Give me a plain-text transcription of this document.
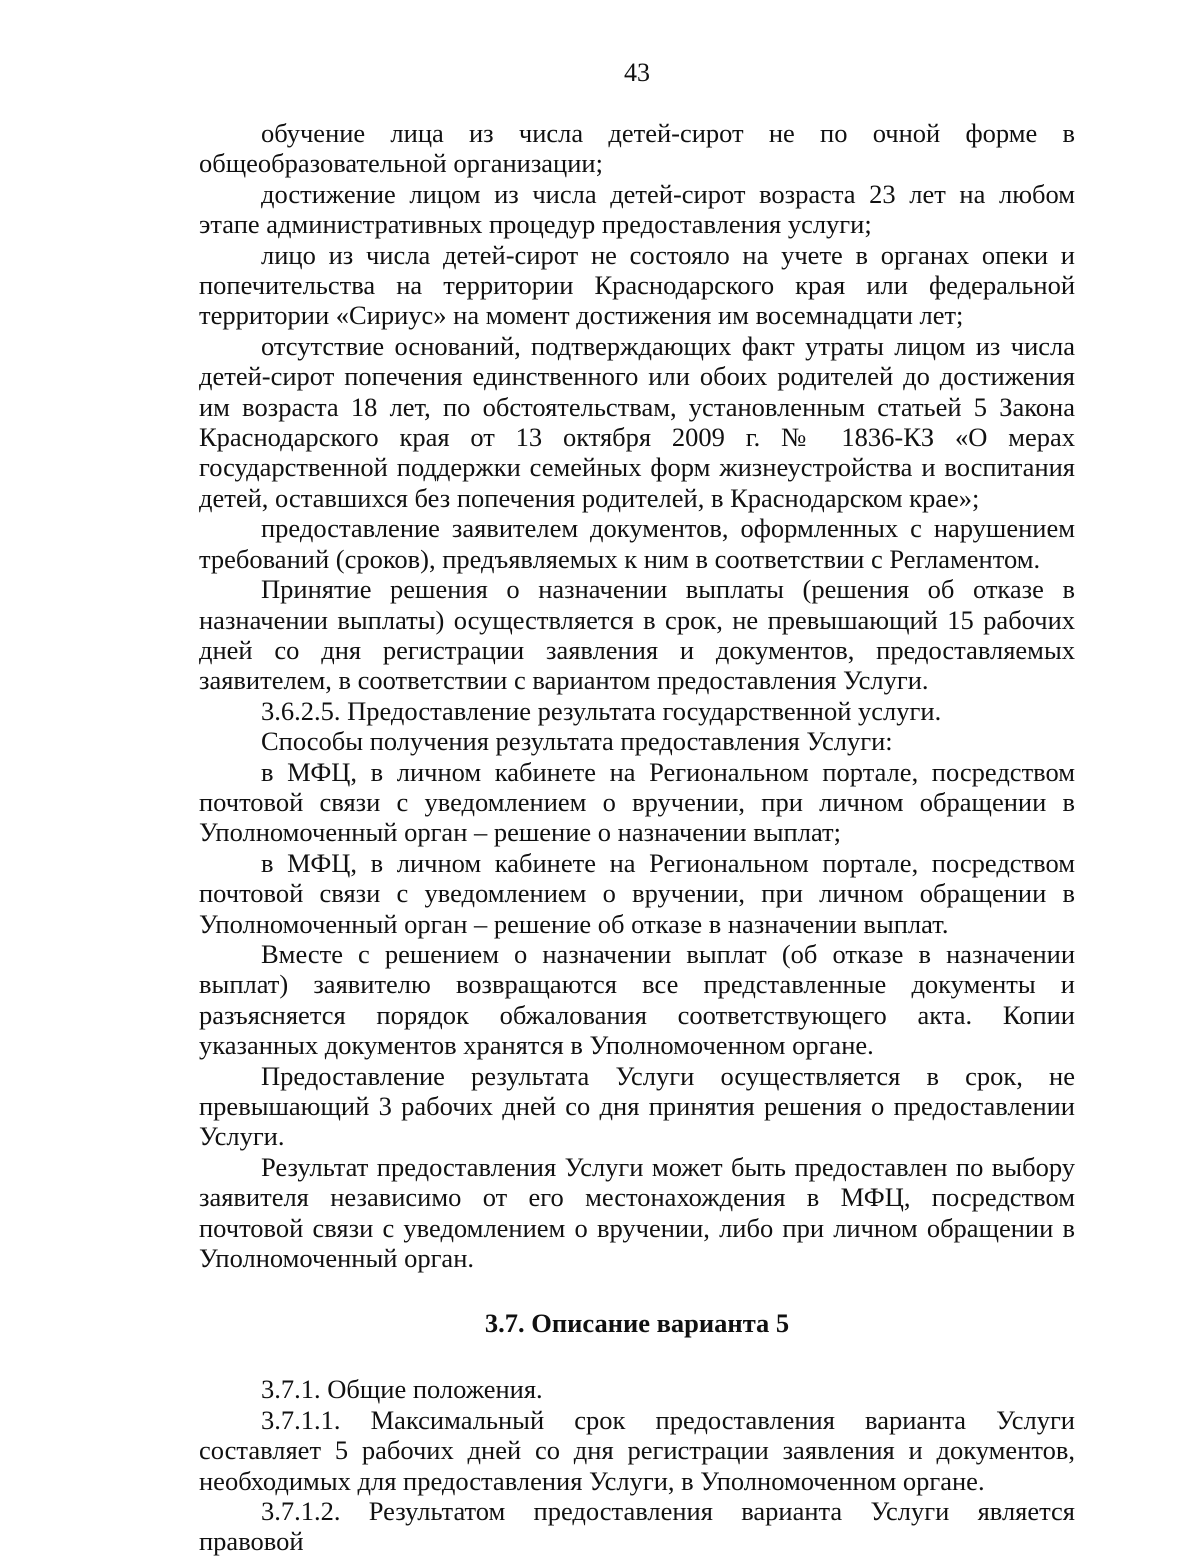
43

обучение лица из числа детей-сирот не по очной форме в общеобразовательной организации;

достижение лицом из числа детей-сирот возраста 23 лет на любом этапе административных процедур предоставления услуги;

лицо из числа детей-сирот не состояло на учете в органах опеки и попечительства на территории Краснодарского края или федеральной территории «Сириус» на момент достижения им восемнадцати лет;

отсутствие оснований, подтверждающих факт утраты лицом из числа детей-сирот попечения единственного или обоих родителей до достижения им возраста 18 лет, по обстоятельствам, установленным статьей 5 Закона Краснодарского края от 13 октября 2009 г. № 1836-КЗ «О мерах государственной поддержки семейных форм жизнеустройства и воспитания детей, оставшихся без попечения родителей, в Краснодарском крае»;

предоставление заявителем документов, оформленных с нарушением требований (сроков), предъявляемых к ним в соответствии с Регламентом.

Принятие решения о назначении выплаты (решения об отказе в назначении выплаты) осуществляется в срок, не превышающий 15 рабочих дней со дня регистрации заявления и документов, предоставляемых заявителем, в соответствии с вариантом предоставления Услуги.

3.6.2.5. Предоставление результата государственной услуги.

Способы получения результата предоставления Услуги:

в МФЦ, в личном кабинете на Региональном портале, посредством почтовой связи с уведомлением о вручении, при личном обращении в Уполномоченный орган – решение о назначении выплат;

в МФЦ, в личном кабинете на Региональном портале, посредством почтовой связи с уведомлением о вручении, при личном обращении в Уполномоченный орган – решение об отказе в назначении выплат.

Вместе с решением о назначении выплат (об отказе в назначении выплат) заявителю возвращаются все представленные документы и разъясняется порядок обжалования соответствующего акта. Копии указанных документов хранятся в Уполномоченном органе.

Предоставление результата Услуги осуществляется в срок, не превышающий 3 рабочих дней со дня принятия решения о предоставлении Услуги.

Результат предоставления Услуги может быть предоставлен по выбору заявителя независимо от его местонахождения в МФЦ, посредством почтовой связи с уведомлением о вручении, либо при личном обращении в Уполномоченный орган.

3.7. Описание варианта 5

3.7.1. Общие положения.

3.7.1.1. Максимальный срок предоставления варианта Услуги составляет 5 рабочих дней со дня регистрации заявления и документов, необходимых для предоставления Услуги, в Уполномоченном органе.

3.7.1.2. Результатом предоставления варианта Услуги является правовой
